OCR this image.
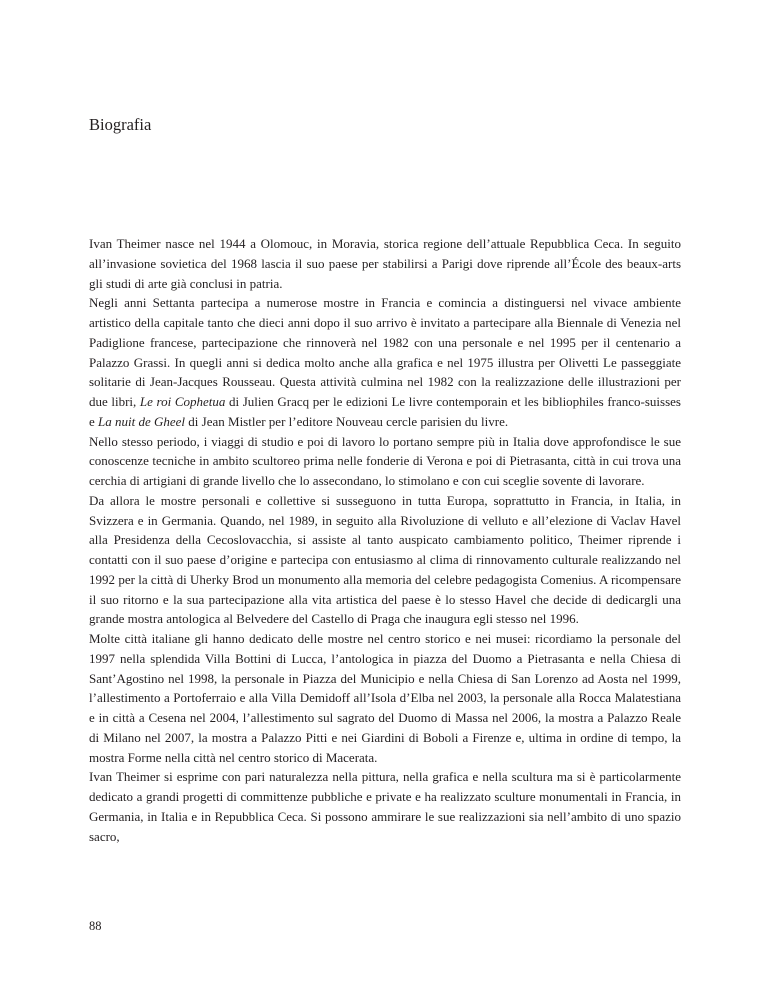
Biografia

Ivan Theimer nasce nel 1944 a Olomouc, in Moravia, storica regione dell’attuale Repubblica Ceca. In seguito all’invasione sovietica del 1968 lascia il suo paese per stabilirsi a Parigi dove riprende all’École des beaux-arts gli studi di arte già conclusi in patria.

Negli anni Settanta partecipa a numerose mostre in Francia e comincia a distinguersi nel vivace ambiente artistico della capitale tanto che dieci anni dopo il suo arrivo è invitato a partecipare alla Biennale di Venezia nel Padiglione francese, partecipazione che rinnoverà nel 1982 con una personale e nel 1995 per il centenario a Palazzo Grassi. In quegli anni si dedica molto anche alla grafica e nel 1975 illustra per Olivetti Le passeggiate solitarie di Jean-Jacques Rousseau. Questa attività culmina nel 1982 con la realizzazione delle illustrazioni per due libri, Le roi Cophetua di Julien Gracq per le edizioni Le livre contemporain et les bibliophiles franco-suisses e La nuit de Gheel di Jean Mistler per l’editore Nouveau cercle parisien du livre.

Nello stesso periodo, i viaggi di studio e poi di lavoro lo portano sempre più in Italia dove approfondisce le sue conoscenze tecniche in ambito scultoreo prima nelle fonderie di Verona e poi di Pietrasanta, città in cui trova una cerchia di artigiani di grande livello che lo assecondano, lo stimolano e con cui sceglie sovente di lavorare.

Da allora le mostre personali e collettive si susseguono in tutta Europa, soprattutto in Francia, in Italia, in Svizzera e in Germania. Quando, nel 1989, in seguito alla Rivoluzione di velluto e all’elezione di Vaclav Havel alla Presidenza della Cecoslovacchia, si assiste al tanto auspicato cambiamento politico, Theimer riprende i contatti con il suo paese d’origine e partecipa con entusiasmo al clima di rinnovamento culturale realizzando nel 1992 per la città di Uherky Brod un monumento alla memoria del celebre pedagogista Comenius. A ricompensare il suo ritorno e la sua partecipazione alla vita artistica del paese è lo stesso Havel che decide di dedicargli una grande mostra antologica al Belvedere del Castello di Praga che inaugura egli stesso nel 1996.

Molte città italiane gli hanno dedicato delle mostre nel centro storico e nei musei: ricordiamo la personale del 1997 nella splendida Villa Bottini di Lucca, l’antologica in piazza del Duomo a Pietrasanta e nella Chiesa di Sant’Agostino nel 1998, la personale in Piazza del Municipio e nella Chiesa di San Lorenzo ad Aosta nel 1999, l’allestimento a Portoferraio e alla Villa Demidoff all’Isola d’Elba nel 2003, la personale alla Rocca Malatestiana e in città a Cesena nel 2004, l’allestimento sul sagrato del Duomo di Massa nel 2006, la mostra a Palazzo Reale di Milano nel 2007, la mostra a Palazzo Pitti e nei Giardini di Boboli a Firenze e, ultima in ordine di tempo, la mostra Forme nella città nel centro storico di Macerata.

Ivan Theimer si esprime con pari naturalezza nella pittura, nella grafica e nella scultura ma si è particolarmente dedicato a grandi progetti di committenze pubbliche e private e ha realizzato sculture monumentali in Francia, in Germania, in Italia e in Repubblica Ceca. Si possono ammirare le sue realizzazioni sia nell’ambito di uno spazio sacro,

88
